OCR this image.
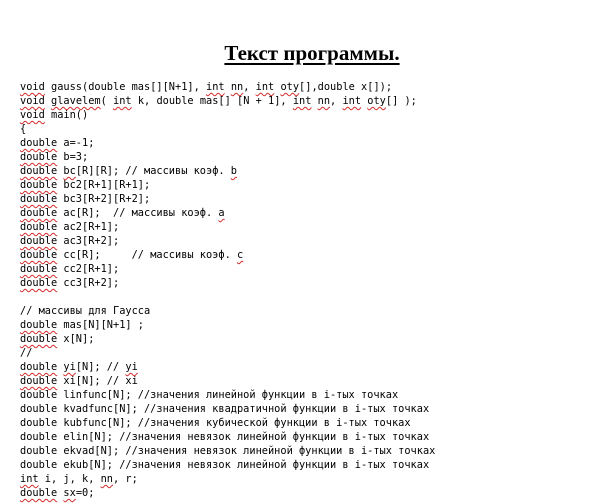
Текст программы.
void gauss(double mas[][N+1], int nn, int oty[],double x[]);
void glavelem( int k, double mas[] [N + 1], int nn, int oty[] );
void main()
{
double a=-1;
double b=3;
double bc[R][R]; // массивы коэф. b
double bc2[R+1][R+1];
double bc3[R+2][R+2];
double ac[R];  // массивы коэф. a
double ac2[R+1];
double ac3[R+2];
double cc[R];     // массивы коэф. c
double cc2[R+1];
double cc3[R+2];
// массивы для Гаусса
double mas[N][N+1] ;
double x[N];
//
double yi[N]; // yi
double xi[N]; // xi
double linfunc[N]; //значения линейной функции в i-тых точках
double kvadfunc[N]; //значения квадратичной функции в i-тых точках
double kubfunc[N]; //значения кубической функции в i-тых точках
double elin[N]; //значения невязок линейной функции в i-тых точках
double ekvad[N]; //значения невязок линейной функции в i-тых точках
double ekub[N]; //значения невязок линейной функции в i-тых точках
int i, j, k, nn, r;
double sx=0;
